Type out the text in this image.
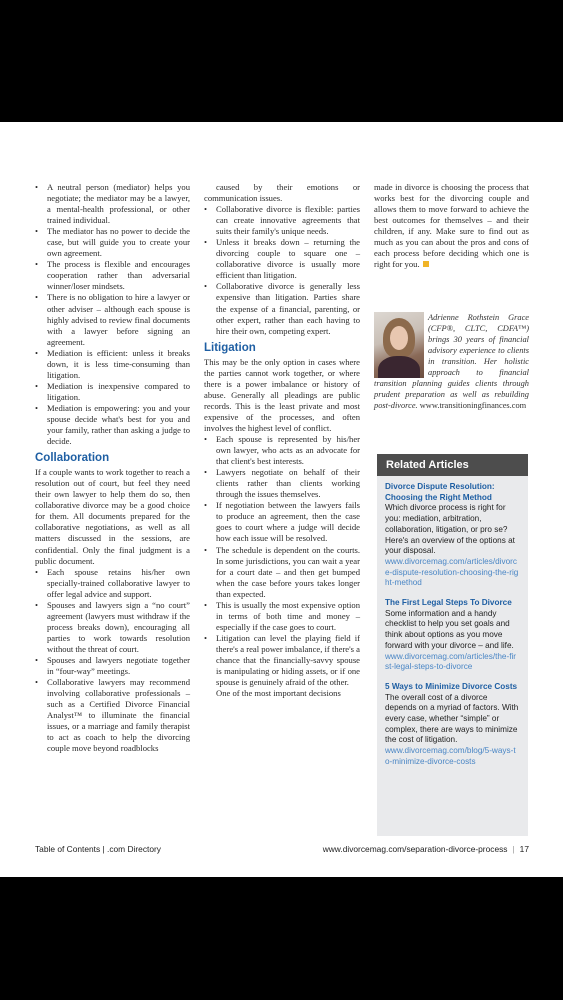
• A neutral person (mediator) helps you negotiate; the mediator may be a lawyer, a mental-health professional, or other trained individual.
• The mediator has no power to decide the case, but will guide you to create your own agreement.
• The process is flexible and encourages cooperation rather than adversarial winner/loser mindsets.
• There is no obligation to hire a lawyer or other adviser – although each spouse is highly advised to review final documents with a lawyer before signing an agreement.
• Mediation is efficient: unless it breaks down, it is less time-consuming than litigation.
• Mediation is inexpensive compared to litigation.
• Mediation is empowering: you and your spouse decide what's best for you and your family, rather than asking a judge to decide.

Collaboration

If a couple wants to work together to reach a resolution out of court, but feel they need their own lawyer to help them do so, then collaborative divorce may be a good choice for them. All documents prepared for the collaborative negotiations, as well as all matters discussed in the sessions, are confidential. Only the final judgment is a public document.

• Each spouse retains his/her own specially-trained collaborative lawyer to offer legal advice and support.
• Spouses and lawyers sign a “no court” agreement (lawyers must withdraw if the process breaks down), encouraging all parties to work towards resolution without the threat of court.
• Spouses and lawyers negotiate together in “four-way” meetings.
• Collaborative lawyers may recommend involving collaborative professionals – such as a Certified Divorce Financial Analyst™ to illuminate the financial issues, or a marriage and family therapist to act as coach to help the divorcing couple move beyond roadblocks

caused by their emotions or communication issues.

• Collaborative divorce is flexible: parties can create innovative agreements that suits their family's unique needs.
• Unless it breaks down – returning the divorcing couple to square one – collaborative divorce is usually more efficient than litigation.
• Collaborative divorce is generally less expensive than litigation. Parties share the expense of a financial, parenting, or other expert, rather than each having to hire their own, competing expert.

Litigation

This may be the only option in cases where the parties cannot work together, or where there is a power imbalance or history of abuse. Generally all pleadings are public records. This is the least private and most expensive of the processes, and often involves the highest level of conflict.

• Each spouse is represented by his/her own lawyer, who acts as an advocate for that client's best interests.
• Lawyers negotiate on behalf of their clients rather than clients working through the issues themselves.
• If negotiation between the lawyers fails to produce an agreement, then the case goes to court where a judge will decide how each issue will be resolved.
• The schedule is dependent on the courts. In some jurisdictions, you can wait a year for a court date – and then get bumped when the case before yours takes longer than expected.
• This is usually the most expensive option in terms of both time and money – especially if the case goes to court.
• Litigation can level the playing field if there's a real power imbalance, if there's a chance that the financially-savvy spouse is manipulating or hiding assets, or if one spouse is genuinely afraid of the other.

One of the most important decisions

made in divorce is choosing the process that works best for the divorcing couple and allows them to move forward to achieve the best outcomes for themselves – and their children, if any. Make sure to find out as much as you can about the pros and cons of each process before deciding which one is right for you.

Adrienne Rothstein Grace (CFP®, CLTC, CDFA™) brings 30 years of financial advisory experience to clients in transition. Her holistic approach to financial transition planning guides clients through prudent preparation as well as rebuilding post-divorce. www.transitioningfinances.com
Related Articles
Divorce Dispute Resolution: Choosing the Right Method
Which divorce process is right for you: mediation, arbitration, collaboration, litigation, or pro se? Here's an overview of the options at your disposal.
www.divorcemag.com/articles/divorce-dispute-resolution-choosing-the-right-method
The First Legal Steps To Divorce
Some information and a handy checklist to help you set goals and think about options as you move forward with your divorce – and life.
www.divorcemag.com/articles/the-first-legal-steps-to-divorce
5 Ways to Minimize Divorce Costs
The overall cost of a divorce depends on a myriad of factors. With every case, whether “simple” or complex, there are ways to minimize the cost of litigation.
www.divorcemag.com/blog/5-ways-to-minimize-divorce-costs
Table of Contents | .com Directory	www.divorcemag.com/separation-divorce-process | 17
